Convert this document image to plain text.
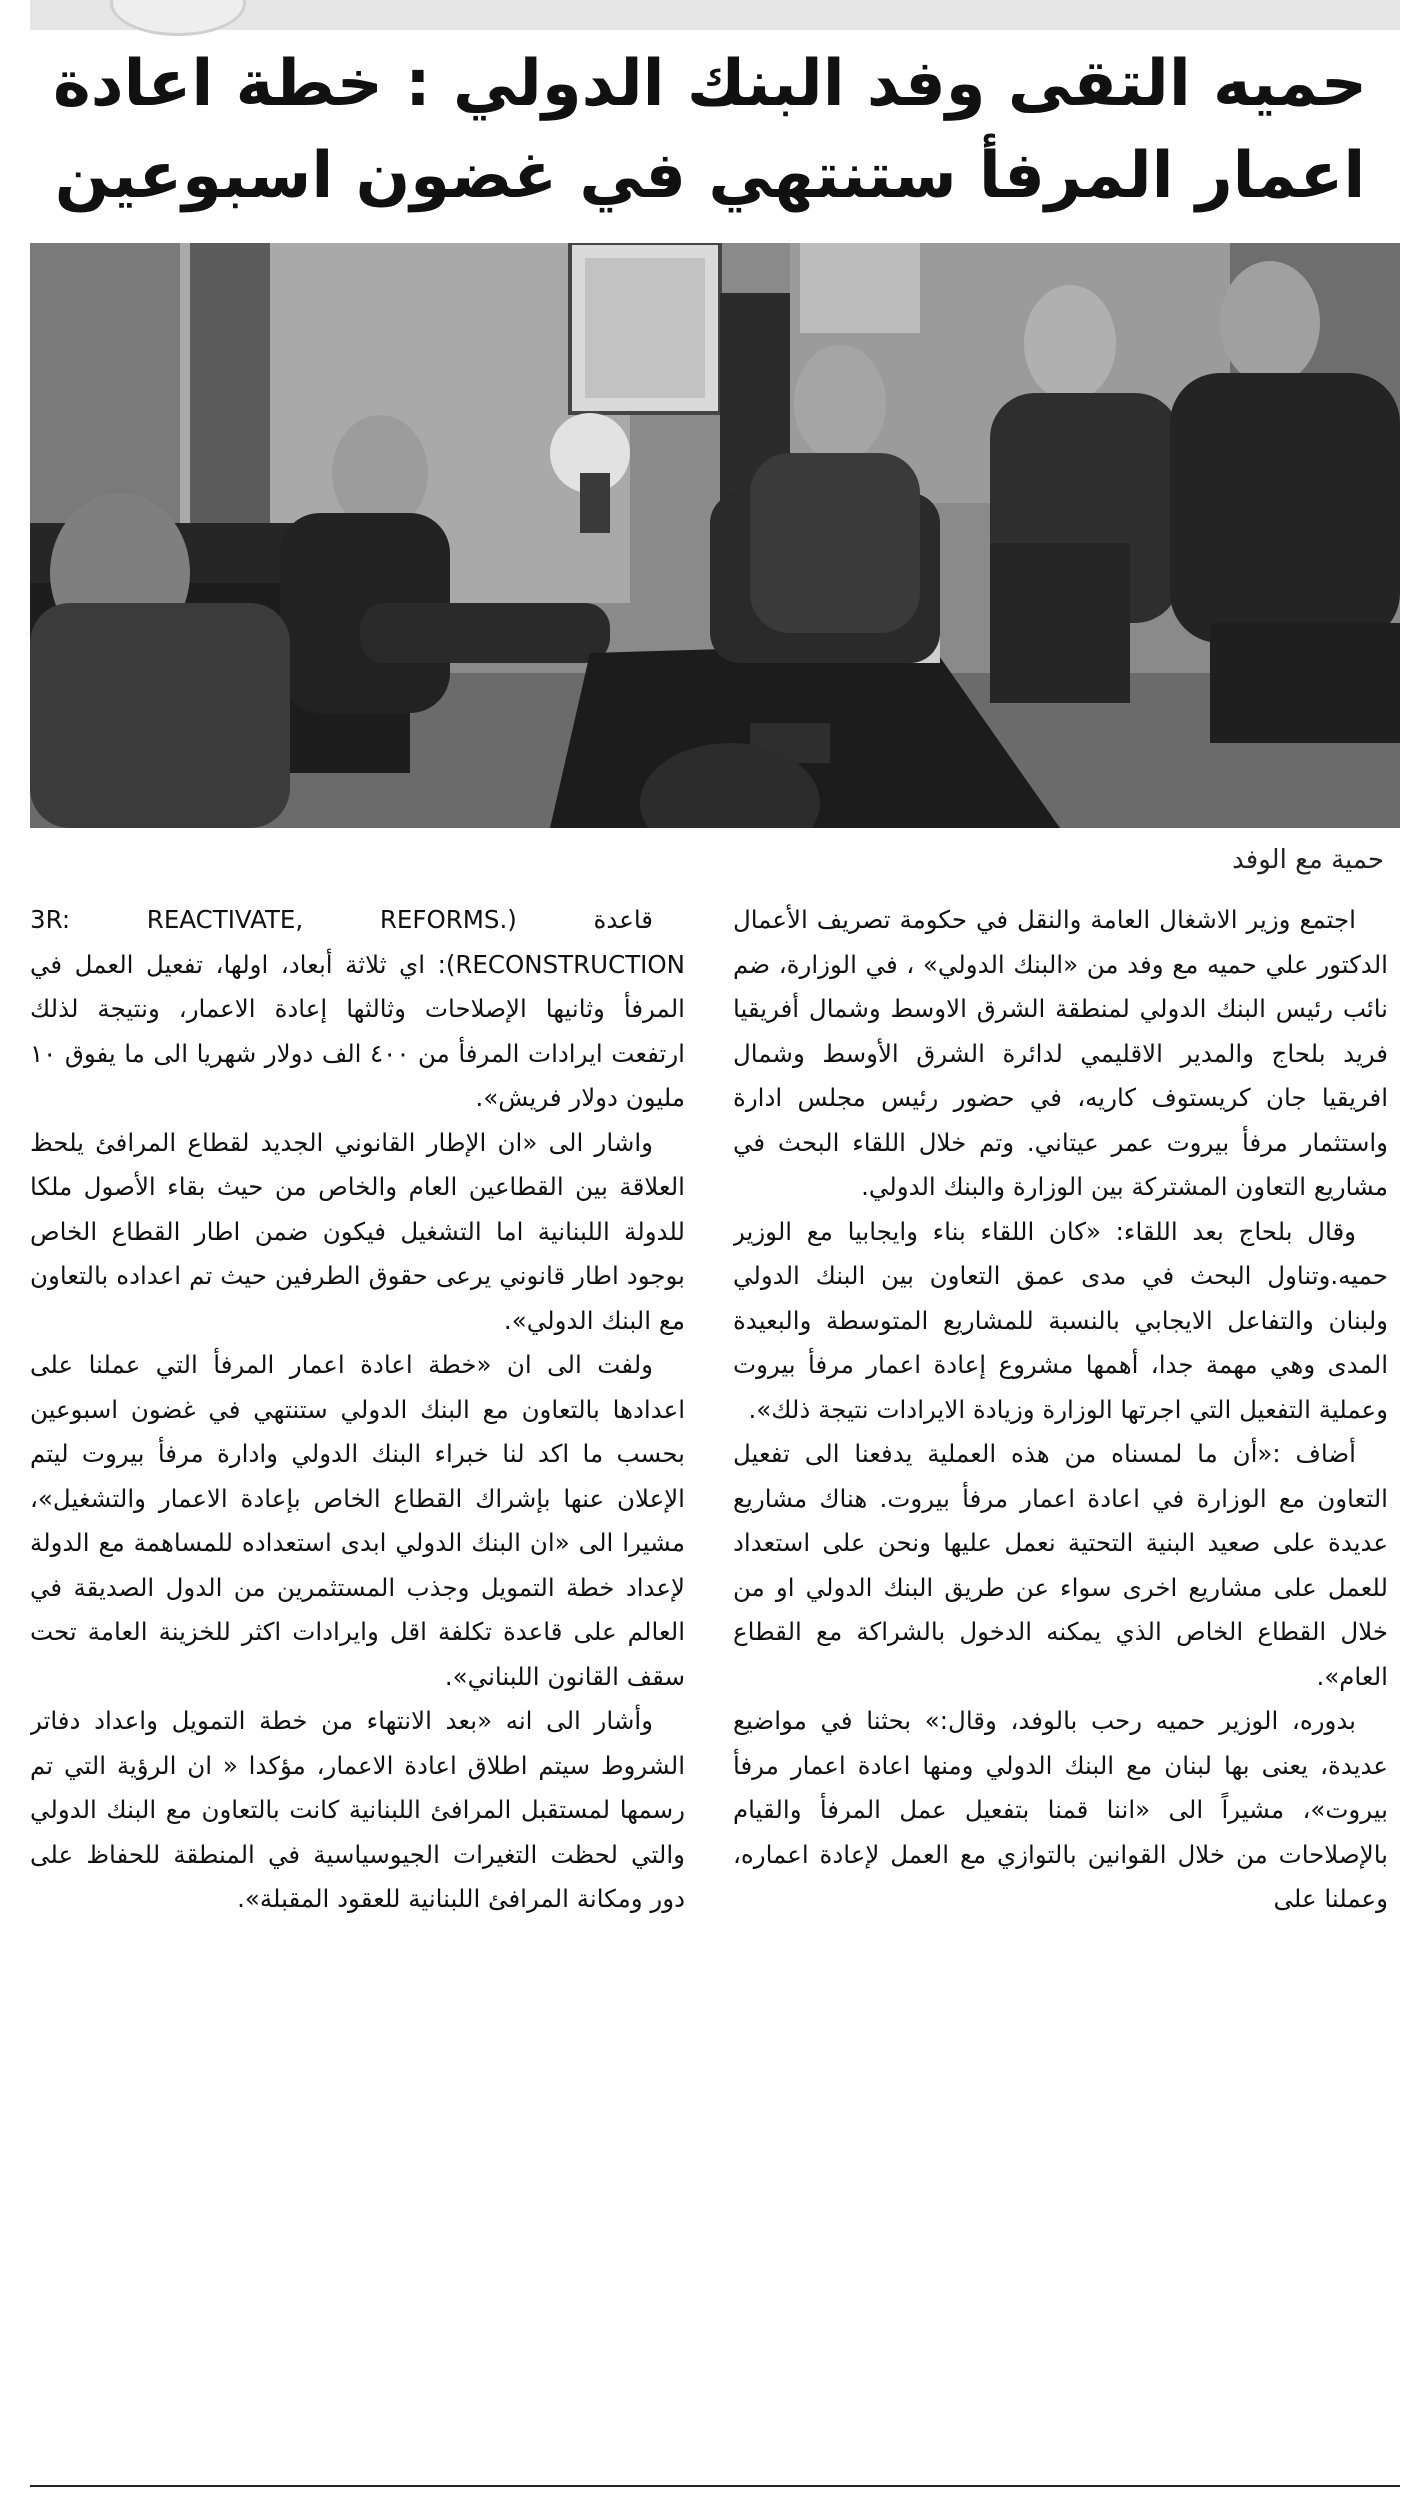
حميه التقى وفد البنك الدولي : خطة اعادة اعمار المرفأ ستنتهي في غضون اسبوعين

حمية مع الوفد

اجتمع وزير الاشغال العامة والنقل في حكومة تصريف الأعمال الدكتور علي حميه مع وفد من «البنك الدولي» ، في الوزارة، ضم نائب رئيس البنك الدولي لمنطقة الشرق الاوسط وشمال أفريقيا فريد بلحاج والمدير الاقليمي لدائرة الشرق الأوسط وشمال افريقيا جان كريستوف كاريه، في حضور رئيس مجلس ادارة واستثمار مرفأ بيروت عمر عيتاني. وتم خلال اللقاء البحث في مشاريع التعاون المشتركة بين الوزارة والبنك الدولي.

وقال بلحاج بعد اللقاء: «كان اللقاء بناء وايجابيا مع الوزير حميه.وتناول البحث في مدى عمق التعاون بين البنك الدولي ولبنان والتفاعل الايجابي بالنسبة للمشاريع المتوسطة والبعيدة المدى وهي مهمة جدا، أهمها مشروع إعادة اعمار مرفأ بيروت وعملية التفعيل التي اجرتها الوزارة وزيادة الايرادات نتيجة ذلك».

أضاف :«أن ما لمسناه من هذه العملية يدفعنا الى تفعيل التعاون مع الوزارة في اعادة اعمار مرفأ بيروت. هناك مشاريع عديدة على صعيد البنية التحتية نعمل عليها ونحن على استعداد للعمل على مشاريع اخرى سواء عن طريق البنك الدولي او من خلال القطاع الخاص الذي يمكنه الدخول بالشراكة مع القطاع العام».

بدوره، الوزير حميه رحب بالوفد، وقال:» بحثنا في مواضيع عديدة، يعنى بها لبنان مع البنك الدولي ومنها اعادة اعمار مرفأ بيروت»، مشيراً الى «اننا قمنا بتفعيل عمل المرفأ والقيام بالإصلاحات من خلال القوانين بالتوازي مع العمل لإعادة اعماره، وعملنا على

قاعدة (3R: REACTIVATE, REFORMS. RECONSTRUCTION): اي ثلاثة أبعاد، اولها، تفعيل العمل في المرفأ وثانيها الإصلاحات وثالثها إعادة الاعمار، ونتيجة لذلك ارتفعت ايرادات المرفأ من ٤٠٠ الف دولار شهريا الى ما يفوق ١٠ مليون دولار فريش».

واشار الى «ان الإطار القانوني الجديد لقطاع المرافئ يلحظ العلاقة بين القطاعين العام والخاص من حيث بقاء الأصول ملكا للدولة اللبنانية اما التشغيل فيكون ضمن اطار القطاع الخاص بوجود اطار قانوني يرعى حقوق الطرفين حيث تم اعداده بالتعاون مع البنك الدولي».

ولفت الى ان «خطة اعادة اعمار المرفأ التي عملنا على اعدادها بالتعاون مع البنك الدولي ستنتهي في غضون اسبوعين بحسب ما اكد لنا خبراء البنك الدولي وادارة مرفأ بيروت ليتم الإعلان عنها بإشراك القطاع الخاص بإعادة الاعمار والتشغيل»، مشيرا الى «ان البنك الدولي ابدى استعداده للمساهمة مع الدولة لإعداد خطة التمويل وجذب المستثمرين من الدول الصديقة في العالم على قاعدة تكلفة اقل وايرادات اكثر للخزينة العامة تحت سقف القانون اللبناني».

وأشار الى انه «بعد الانتهاء من خطة التمويل واعداد دفاتر الشروط سيتم اطلاق اعادة الاعمار، مؤكدا « ان الرؤية التي تم رسمها لمستقبل المرافئ اللبنانية كانت بالتعاون مع البنك الدولي والتي لحظت التغيرات الجيوسياسية في المنطقة للحفاظ على دور ومكانة المرافئ اللبنانية للعقود المقبلة».
